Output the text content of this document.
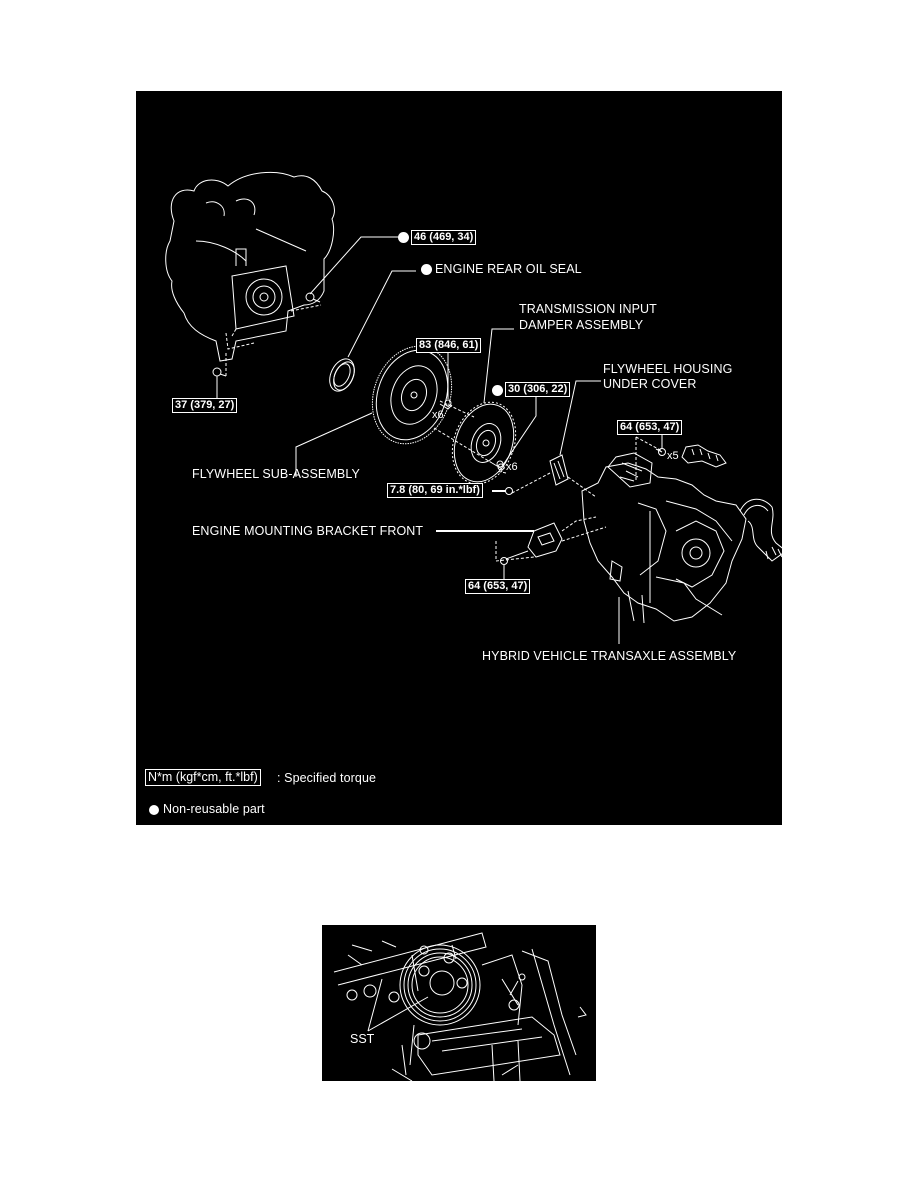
46 (469, 34)
37 (379, 27)
ENGINE REAR OIL SEAL
TRANSMISSION INPUT
DAMPER ASSEMBLY
83 (846, 61)
x6
30 (306, 22)
x6
FLYWHEEL HOUSING
UNDER COVER
64 (653, 47)
x5
FLYWHEEL SUB-ASSEMBLY
7.8 (80, 69 in.*lbf)
ENGINE MOUNTING BRACKET FRONT
64 (653, 47)
HYBRID VEHICLE TRANSAXLE ASSEMBLY
N*m (kgf*cm, ft.*lbf) : Specified torque
Non-reusable part
SST
